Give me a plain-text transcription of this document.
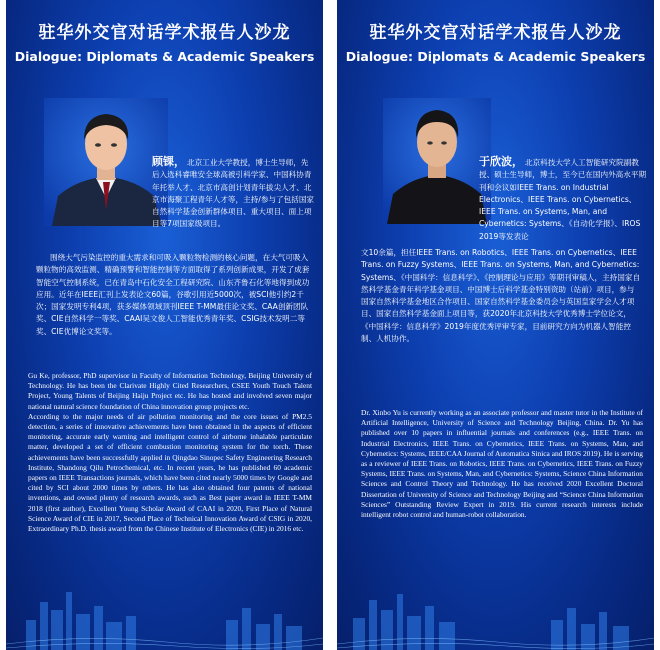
驻华外交官对话学术报告人沙龙
Dialogue: Diplomats & Academic Speakers
顾锞， 北京工业大学教授，博士生导师，先后入选科睿唯安全球高被引科学家、中国科协青年托举人才、北京市高创计划青年拔尖人才、北京市海聚工程青年人才等，主持/参与了包括国家自然科学基金创新群体项目、重大项目、面上项目等7项国家级项目。
围绕大气污染监控的重大需求和可吸入颗粒物检测的核心问题，在大气可吸入颗粒物的高效监测、精确预警和智能控制等方面取得了系列创新成果，开发了成套智能空气控制系统，已在青岛中石化安全工程研究院、山东齐鲁石化等地得到成功应用。近年在IEEE汇刊上发表论文60篇，谷歌引用近5000次，被SCI他引约2千次；国家发明专利4项，获多媒体领域顶刊IEEE T-MM最佳论文奖、CAA创新团队奖、CIE自然科学一等奖、CAAI吴文俊人工智能优秀青年奖、CSIG技术发明二等奖、CIE优博论文奖等。

Gu Ke, professor, PhD supervisor in Faculty of Information Technology, Beijing University of Technology. He has been the Clarivate Highly Cited Researchers, CSEE Youth Touch Talent Project, Young Talents of Beijing Haiju Project etc. He has hosted and involved seven major national natural science foundation of China innovation group projects etc.

According to the major needs of air pollution monitoring and the core issues of PM2.5 detection, a series of innovative achievements have been obtained in the aspects of efficient monitoring, accurate early warning and intelligent control of airborne inhalable particulate matter, developed a set of efficient combustion monitoring system for the torch. These achievements have been successfully applied in Qingdao Sinopec Safety Engineering Research Institute, Shandong Qilu Petrochemical, etc. In recent years, he has published 60 academic papers on IEEE Transactions journals, which have been cited nearly 5000 times by Google and cited by SCI about 2000 times by others. He has also obtained four patents of national inventions, and owned plenty of research awards, such as Best paper award in IEEE T-MM 2018 (first author), Excellent Young Scholar Award of CAAI in 2020, First Place of Natural Science Award of CIE in 2017, Second Place of Technical Innovation Award of CSIG in 2020, Extraordinary Ph.D. thesis award from the Chinese Institute of Electronics (CIE) in 2016 etc.

驻华外交官对话学术报告人沙龙
Dialogue: Diplomats & Academic Speakers
于欣波， 北京科技大学人工智能研究院副教授、硕士生导师，博士，至今已在国内外高水平期刊和会议如IEEE Trans. on Industrial Electronics、IEEE Trans. on Cybernetics、IEEE Trans. on Systems, Man, and Cybernetics: Systems、《自动化学报》、IROS 2019等发表论
文10余篇，担任IEEE Trans. on Robotics、IEEE Trans. on Cybernetics、IEEE Trans. on Fuzzy Systems、IEEE Trans. on Systems, Man, and Cybernetics: Systems、《中国科学：信息科学》、《控制理论与应用》等期刊审稿人，主持国家自然科学基金青年科学基金项目、中国博士后科学基金特别资助（站前）项目，参与国家自然科学基金地区合作项目、国家自然科学基金委员会与英国皇家学会人才项目、国家自然科学基金面上项目等，获2020年北京科技大学优秀博士学位论文，《中国科学：信息科学》2019年度优秀评审专家，目前研究方向为机器人智能控制、人机协作。

Dr. Xinbo Yu is currently working as an associate professor and master tutor in the Institute of Artificial Intelligence, University of Science and Technology Beijing, China. Dr. Yu has published over 10 papers in influential journals and conferences (e.g., IEEE Trans. on Industrial Electronics, IEEE Trans. on Cybernetics, IEEE Trans. on Systems, Man, and Cybernetics: Systems, IEEE/CAA Journal of Automatica Sinica and IROS 2019). He is serving as a reviewer of IEEE Trans. on Robotics, IEEE Trans. on Cybernetics, IEEE Trans. on Fuzzy Systems, IEEE Trans. on Systems, Man, and Cybernetics: Systems, Science China Information Sciences and Control Theory and Technology. He has received 2020 Excellent Doctoral Dissertation of University of Science and Technology Beijing and “Science China Information Sciences” Outstanding Review Expert in 2019. His current research interests include intelligent robot control and human-robot collaboration.
